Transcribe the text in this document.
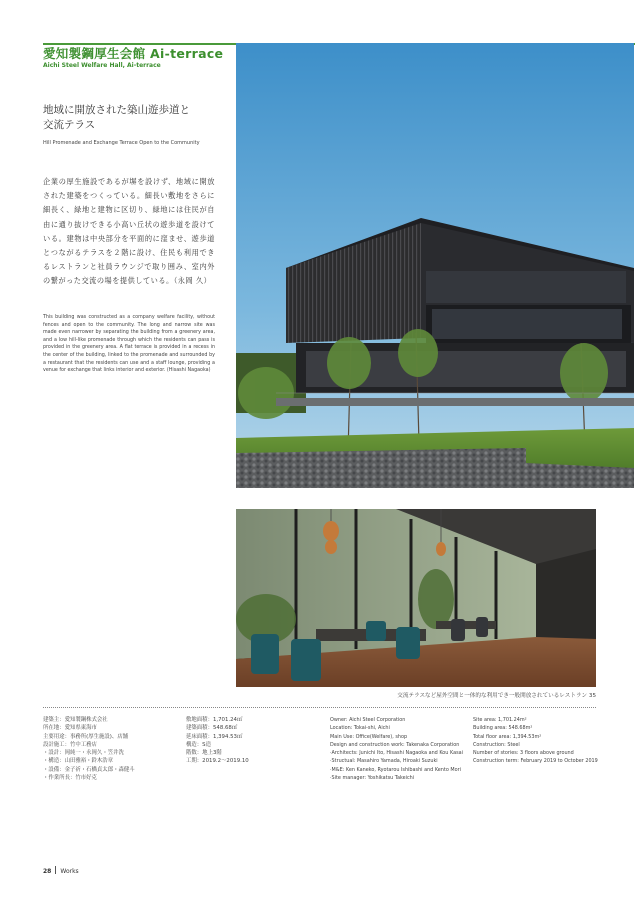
愛知製鋼厚生会館 Ai-terrace
Aichi Steel Welfare Hall, Ai-terrace
地域に開放された築山遊歩道と
交流テラス
Hill Promenade and Exchange Terrace Open to the Community
企業の厚生施設であるが塀を設けず、地域に開放された建築をつくっている。細長い敷地をさらに細長く、緑地と建物に区切り、緑地には住民が自由に通り抜けできる小高い丘状の遊歩道を設けている。建物は中央部分を平面的に窪ませ、遊歩道とつながるテラスを２階に設け、住民も利用できるレストランと社員ラウンジで取り囲み、室内外の繋がった交流の場を提供している。（永岡 久）
This building was constructed as a company welfare facility, without fences and open to the community. The long and narrow site was made even narrower by separating the building from a greenery area, and a low hill-like promenade through which the residents can pass is provided in the greenery area. A flat terrace is provided in a recess in the center of the building, linked to the promenade and surrounded by a restaurant that the residents can use and a staff lounge, providing a venue for exchange that links interior and exterior. (Hisashi Nagaoka)
交流テラスなど屋外空間と一体的な利用でき一般開放されているレストラン 35
建築主：愛知製鋼株式会社
所在地：愛知県東海市
主要用途：事務所(厚生施設)、店舗
設計施工：竹中工務店
・設計：岡純一・永岡久・笠井洗
・構造：山田雅裕・鈴木浩章
・設備：金子祈・石橋貞太郎・森健斗
・作業所長：竹市好克
敷地面積：1,701.24㎡
建築面積：548.68㎡
延床面積：1,394.53㎡
構造：S造
階数：地上3階
工期：2019.2～2019.10
Owner: Aichi Steel Corporation
Location: Tokai-shi, Aichi
Main Use: Office(Welfare), shop
Design and construction work: Takenaka Corporation
·Architects: Junichi Ito, Hisashi Nagaoka and Kou Kasai
·Structual: Masahiro Yamada, Hiroaki Suzuki
·M&E: Ken Kaneko, Ryotarou Ishibashi and Kento Mori
·Site manager: Yoshikatsu Takeichi
Site area: 1,701.24m²
Building area: 548.68m²
Total floor area: 1,394.53m²
Construction: Steel
Number of stories: 3 floors above ground
Construction term: February 2019 to October 2019
28 Works
